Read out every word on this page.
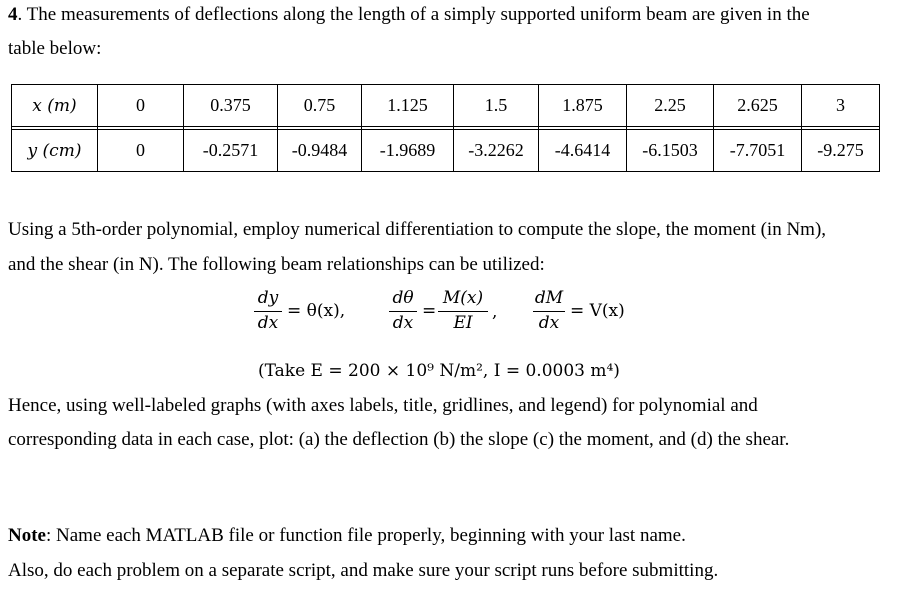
4. The measurements of deflections along the length of a simply supported uniform beam are given in the
table below:
x (m)	0	0.375	0.75	1.125	1.5	1.875	2.25	2.625	3

y (cm)	0	-0.2571	-0.9484	-1.9689	-3.2262	-4.6414	-6.1503	-7.7051	-9.275
Using a 5th-order polynomial, employ numerical differentiation to compute the slope, the moment (in Nm),
and the shear (in N). The following beam relationships can be utilized:
dy
dx
= θ(x),
dθ
dx
=
M(x)
EI
,
dM
dx
= V(x)
(Take E = 200 × 10⁹ N/m², I = 0.0003 m⁴)
Hence, using well-labeled graphs (with axes labels, title, gridlines, and legend) for polynomial and
corresponding data in each case, plot: (a) the deflection (b) the slope (c) the moment, and (d) the shear.
Note: Name each MATLAB file or function file properly, beginning with your last name.
Also, do each problem on a separate script, and make sure your script runs before submitting.
